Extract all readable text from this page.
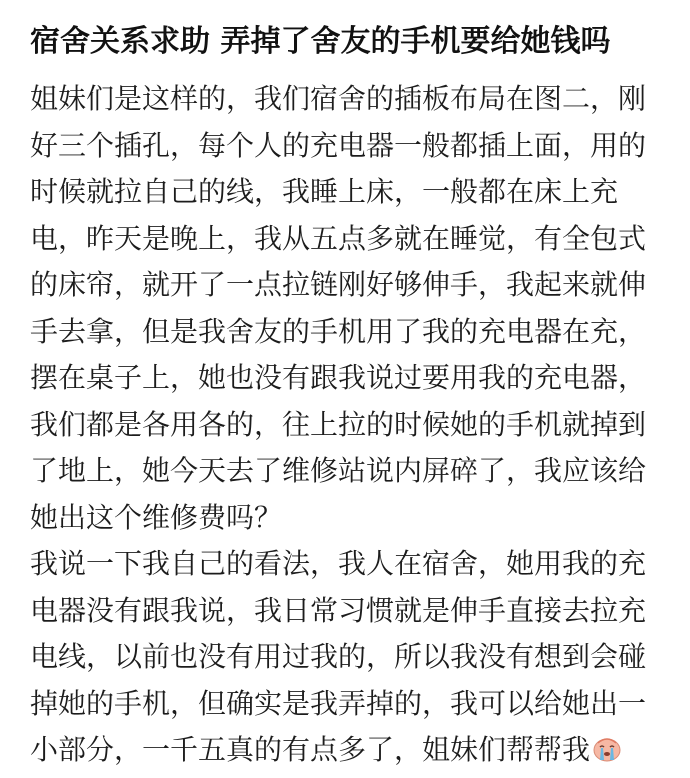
宿舍关系求助 弄掉了舍友的手机要给她钱吗

姐妹们是这样的，我们宿舍的插板布局在图二，刚好三个插孔，每个人的充电器一般都插上面，用的时候就拉自己的线，我睡上床，一般都在床上充电，昨天是晚上，我从五点多就在睡觉，有全包式的床帘，就开了一点拉链刚好够伸手，我起来就伸手去拿，但是我舍友的手机用了我的充电器在充，摆在桌子上，她也没有跟我说过要用我的充电器，我们都是各用各的，往上拉的时候她的手机就掉到了地上，她今天去了维修站说内屏碎了，我应该给她出这个维修费吗？

我说一下我自己的看法，我人在宿舍，她用我的充电器没有跟我说，我日常习惯就是伸手直接去拉充电线，以前也没有用过我的，所以我没有想到会碰掉她的手机，但确实是我弄掉的，我可以给她出一小部分，一千五真的有点多了，姐妹们帮帮我
